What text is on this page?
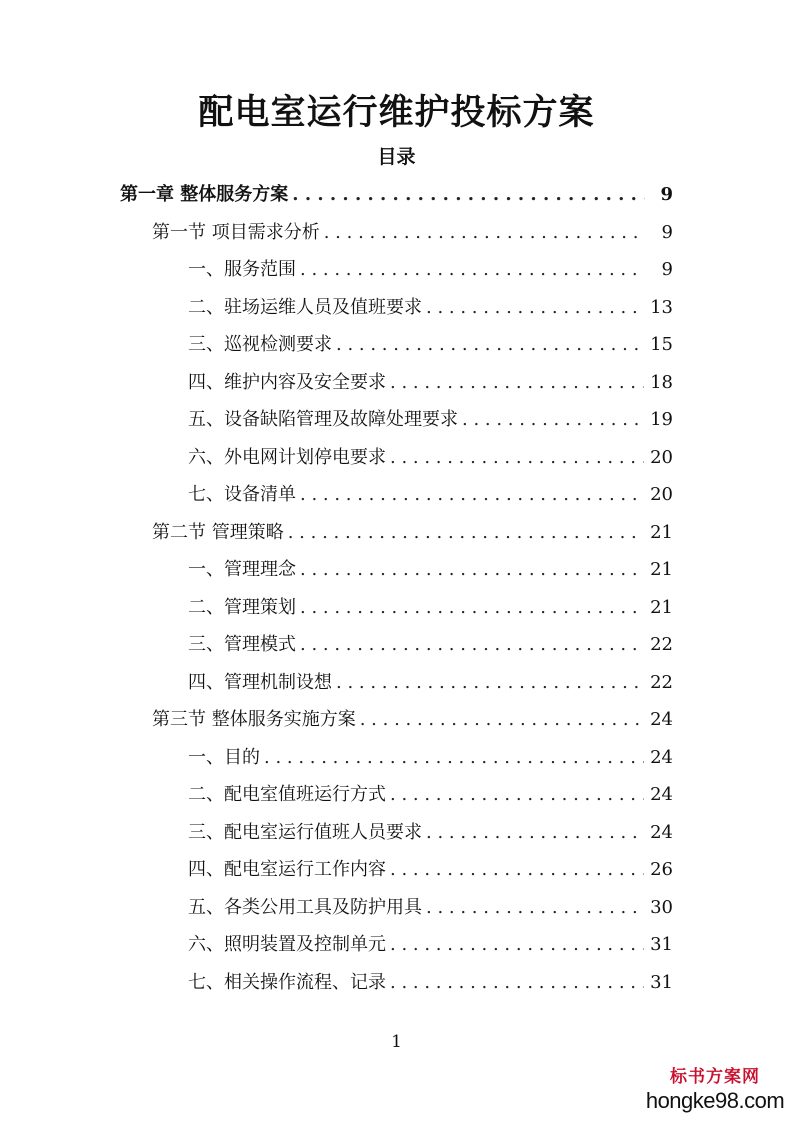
配电室运行维护投标方案
目录
第一章 整体服务方案 . . .	9
第一节 项目需求分析 . . .	9
一、服务范围 . . .	9
二、驻场运维人员及值班要求 . . .	13
三、巡视检测要求 . . .	15
四、维护内容及安全要求 . . .	18
五、设备缺陷管理及故障处理要求 . . .	19
六、外电网计划停电要求 . . .	20
七、设备清单 . . .	20
第二节 管理策略 . . .	21
一、管理理念 . . .	21
二、管理策划 . . .	21
三、管理模式 . . .	22
四、管理机制设想 . . .	22
第三节 整体服务实施方案 . . .	24
一、目的 . . .	24
二、配电室值班运行方式 . . .	24
三、配电室运行值班人员要求 . . .	24
四、配电室运行工作内容 . . .	26
五、各类公用工具及防护用具 . . .	30
六、照明装置及控制单元 . . .	31
七、相关操作流程、记录 . . .	31
1
标书方案网
hongke98.com
